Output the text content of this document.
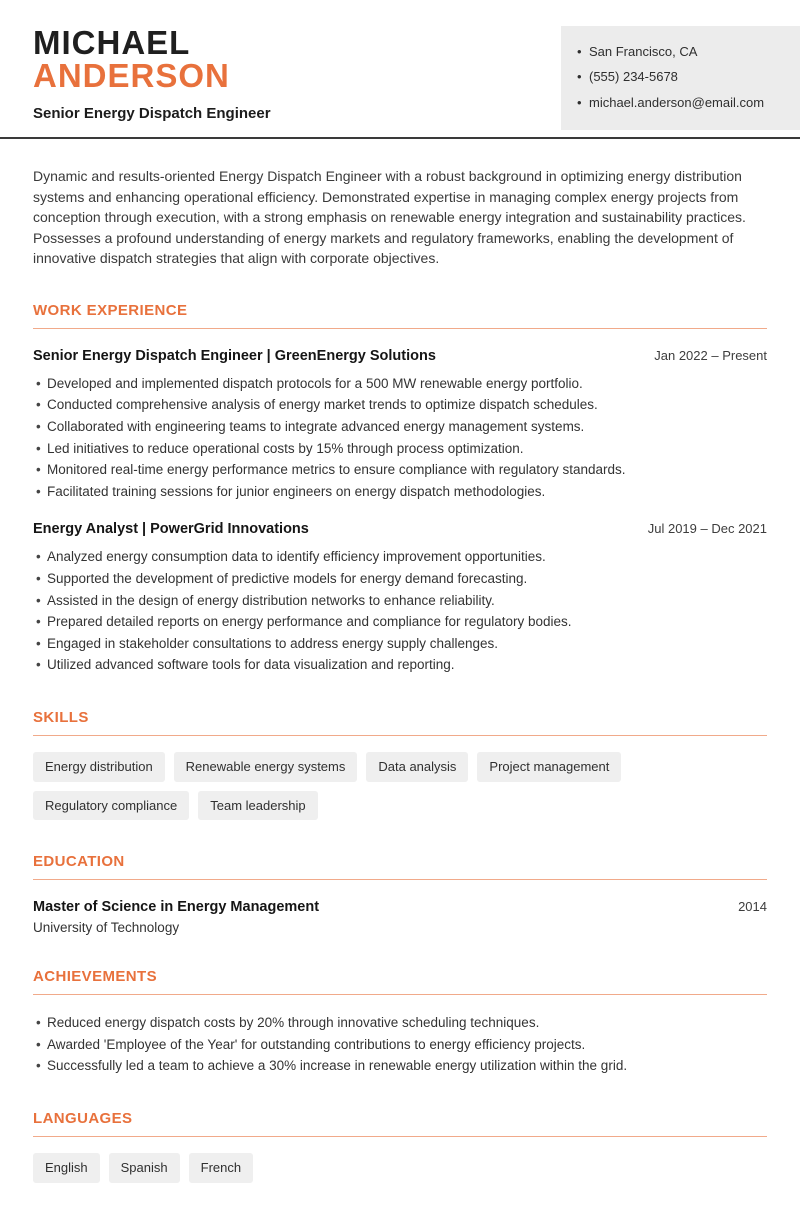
MICHAEL
ANDERSON
Senior Energy Dispatch Engineer
• San Francisco, CA
• (555) 234-5678
• michael.anderson@email.com

Dynamic and results-oriented Energy Dispatch Engineer with a robust background in optimizing energy distribution systems and enhancing operational efficiency. Demonstrated expertise in managing complex energy projects from conception through execution, with a strong emphasis on renewable energy integration and sustainability practices. Possesses a profound understanding of energy markets and regulatory frameworks, enabling the development of innovative dispatch strategies that align with corporate objectives.

WORK EXPERIENCE
Senior Energy Dispatch Engineer | GreenEnergy Solutions	Jan 2022 – Present
• Developed and implemented dispatch protocols for a 500 MW renewable energy portfolio.
• Conducted comprehensive analysis of energy market trends to optimize dispatch schedules.
• Collaborated with engineering teams to integrate advanced energy management systems.
• Led initiatives to reduce operational costs by 15% through process optimization.
• Monitored real-time energy performance metrics to ensure compliance with regulatory standards.
• Facilitated training sessions for junior engineers on energy dispatch methodologies.
Energy Analyst | PowerGrid Innovations	Jul 2019 – Dec 2021
• Analyzed energy consumption data to identify efficiency improvement opportunities.
• Supported the development of predictive models for energy demand forecasting.
• Assisted in the design of energy distribution networks to enhance reliability.
• Prepared detailed reports on energy performance and compliance for regulatory bodies.
• Engaged in stakeholder consultations to address energy supply challenges.
• Utilized advanced software tools for data visualization and reporting.
SKILLS
Energy distribution	Renewable energy systems	Data analysis	Project management
Regulatory compliance	Team leadership
EDUCATION
Master of Science in Energy Management	2014
University of Technology
ACHIEVEMENTS
• Reduced energy dispatch costs by 20% through innovative scheduling techniques.
• Awarded 'Employee of the Year' for outstanding contributions to energy efficiency projects.
• Successfully led a team to achieve a 30% increase in renewable energy utilization within the grid.
LANGUAGES
English	Spanish	French
